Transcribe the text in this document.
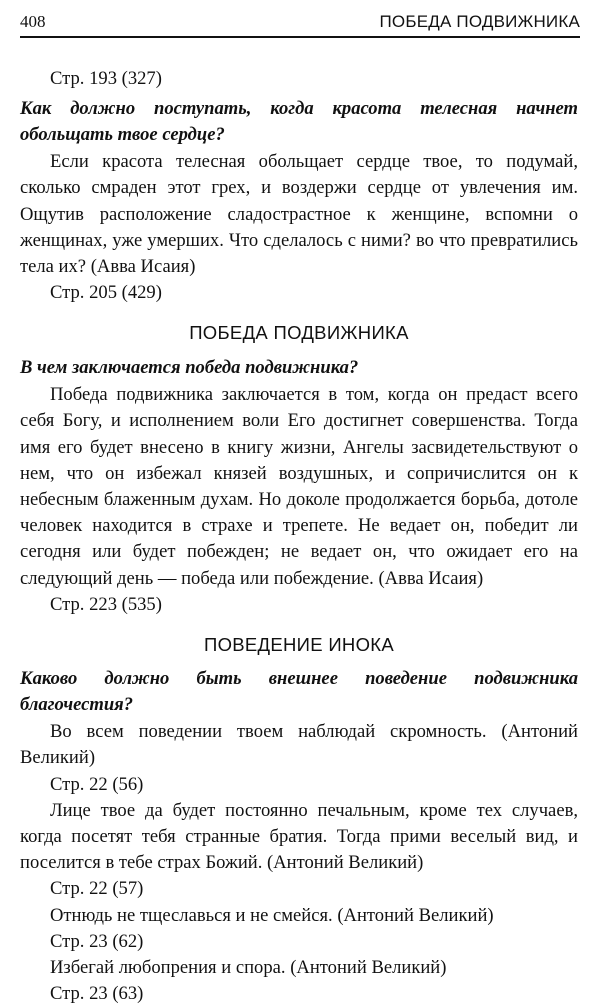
408	ПОБЕДА ПОДВИЖНИКА

Стр. 193 (327)

Как должно поступать, когда красота телесная начнет обольщать твое сердце?

Если красота телесная обольщает сердце твое, то подумай, сколько смраден этот грех, и воздержи сердце от увлечения им. Ощутив расположение сладострастное к женщине, вспомни о женщинах, уже умерших. Что сделалось с ними? во что превратились тела их? (Авва Исаия)

Стр. 205 (429)

ПОБЕДА ПОДВИЖНИКА

В чем заключается победа подвижника?

Победа подвижника заключается в том, когда он предаст всего себя Богу, и исполнением воли Его достигнет совершенства. Тогда имя его будет внесено в книгу жизни, Ангелы засвидетельствуют о нем, что он избежал князей воздушных, и сопричислится он к небесным блаженным духам. Но доколе продолжается борьба, дотоле человек находится в страхе и трепете. Не ведает он, победит ли сегодня или будет побежден; не ведает он, что ожидает его на следующий день — победа или побеждение. (Авва Исаия)

Стр. 223 (535)

ПОВЕДЕНИЕ ИНОКА

Каково должно быть внешнее поведение подвижника благочестия?

Во всем поведении твоем наблюдай скромность. (Антоний Великий)

Стр. 22 (56)

Лице твое да будет постоянно печальным, кроме тех случаев, когда посетят тебя странные братия. Тогда прими веселый вид, и поселится в тебе страх Божий. (Антоний Великий)

Стр. 22 (57)

Отнюдь не тщеславься и не смейся. (Антоний Великий)

Стр. 23 (62)

Избегай любопрения и спора. (Антоний Великий)

Стр. 23 (63)
